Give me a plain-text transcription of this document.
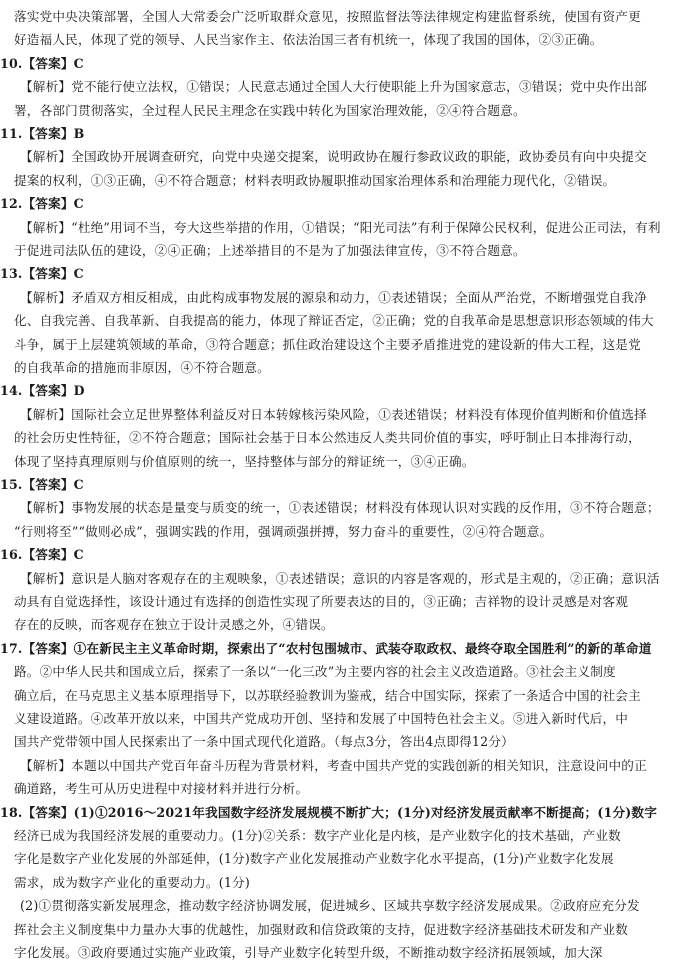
落实党中央决策部署，全国人大常委会广泛听取群众意见，按照监督法等法律规定构建监督系统，使国有资产更
好造福人民，体现了党的领导、人民当家作主、依法治国三者有机统一，体现了我国的国体，②③正确。
10.【答案】C
【解析】党不能行使立法权，①错误；人民意志通过全国人大行使职能上升为国家意志，③错误；党中央作出部
署，各部门贯彻落实，全过程人民民主理念在实践中转化为国家治理效能，②④符合题意。
11.【答案】B
【解析】全国政协开展调查研究，向党中央递交提案，说明政协在履行参政议政的职能，政协委员有向中央提交
提案的权利，①③正确，④不符合题意；材料表明政协履职推动国家治理体系和治理能力现代化，②错误。
12.【答案】C
【解析】“杜绝”用词不当，夸大这些举措的作用，①错误；“阳光司法”有利于保障公民权利，促进公正司法，有利
于促进司法队伍的建设，②④正确；上述举措目的不是为了加强法律宣传，③不符合题意。
13.【答案】C
【解析】矛盾双方相反相成，由此构成事物发展的源泉和动力，①表述错误；全面从严治党，不断增强党自我净
化、自我完善、自我革新、自我提高的能力，体现了辩证否定，②正确；党的自我革命是思想意识形态领域的伟大
斗争，属于上层建筑领域的革命，③符合题意；抓住政治建设这个主要矛盾推进党的建设新的伟大工程，这是党
的自我革命的措施而非原因，④不符合题意。
14.【答案】D
【解析】国际社会立足世界整体利益反对日本转嫁核污染风险，①表述错误；材料没有体现价值判断和价值选择
的社会历史性特征，②不符合题意；国际社会基于日本公然违反人类共同价值的事实，呼吁制止日本排海行动，
体现了坚持真理原则与价值原则的统一，坚持整体与部分的辩证统一，③④正确。
15.【答案】C
【解析】事物发展的状态是量变与质变的统一，①表述错误；材料没有体现认识对实践的反作用，③不符合题意；
“行则将至”“做则必成”，强调实践的作用，强调顽强拼搏，努力奋斗的重要性，②④符合题意。
16.【答案】C
【解析】意识是人脑对客观存在的主观映象，①表述错误；意识的内容是客观的，形式是主观的，②正确；意识活
动具有自觉选择性，该设计通过有选择的创造性实现了所要表达的目的，③正确；吉祥物的设计灵感是对客观
存在的反映，而客观存在独立于设计灵感之外，④错误。
17.【答案】①在新民主主义革命时期，探索出了“农村包围城市、武装夺取政权、最终夺取全国胜利”的新的革命道
路。②中华人民共和国成立后，探索了一条以“一化三改”为主要内容的社会主义改造道路。③社会主义制度
确立后，在马克思主义基本原理指导下，以苏联经验教训为鉴戒，结合中国实际，探索了一条适合中国的社会主
义建设道路。④改革开放以来，中国共产党成功开创、坚持和发展了中国特色社会主义。⑤进入新时代后，中
国共产党带领中国人民探索出了一条中国式现代化道路。（每点3分，答出4点即得12分）
【解析】本题以中国共产党百年奋斗历程为背景材料，考查中国共产党的实践创新的相关知识，注意设问中的正
确道路，考生可从历史进程中对接材料并进行分析。
18.【答案】(1)①2016～2021年我国数字经济发展规模不断扩大；(1分)对经济发展贡献率不断提高；(1分)数字
经济已成为我国经济发展的重要动力。(1分)②关系：数字产业化是内核，是产业数字化的技术基础，产业数
字化是数字产业化发展的外部延伸，(1分)数字产业化发展推动产业数字化水平提高，(1分)产业数字化发展
需求，成为数字产业化的重要动力。(1分)
(2)①贯彻落实新发展理念，推动数字经济协调发展，促进城乡、区域共享数字经济发展成果。②政府应充分发
挥社会主义制度集中力量办大事的优越性，加强财政和信贷政策的支持，促进数字经济基础技术研发和产业数
字化发展。③政府要通过实施产业政策，引导产业数字化转型升级，不断推动数字经济拓展领域，加大深
